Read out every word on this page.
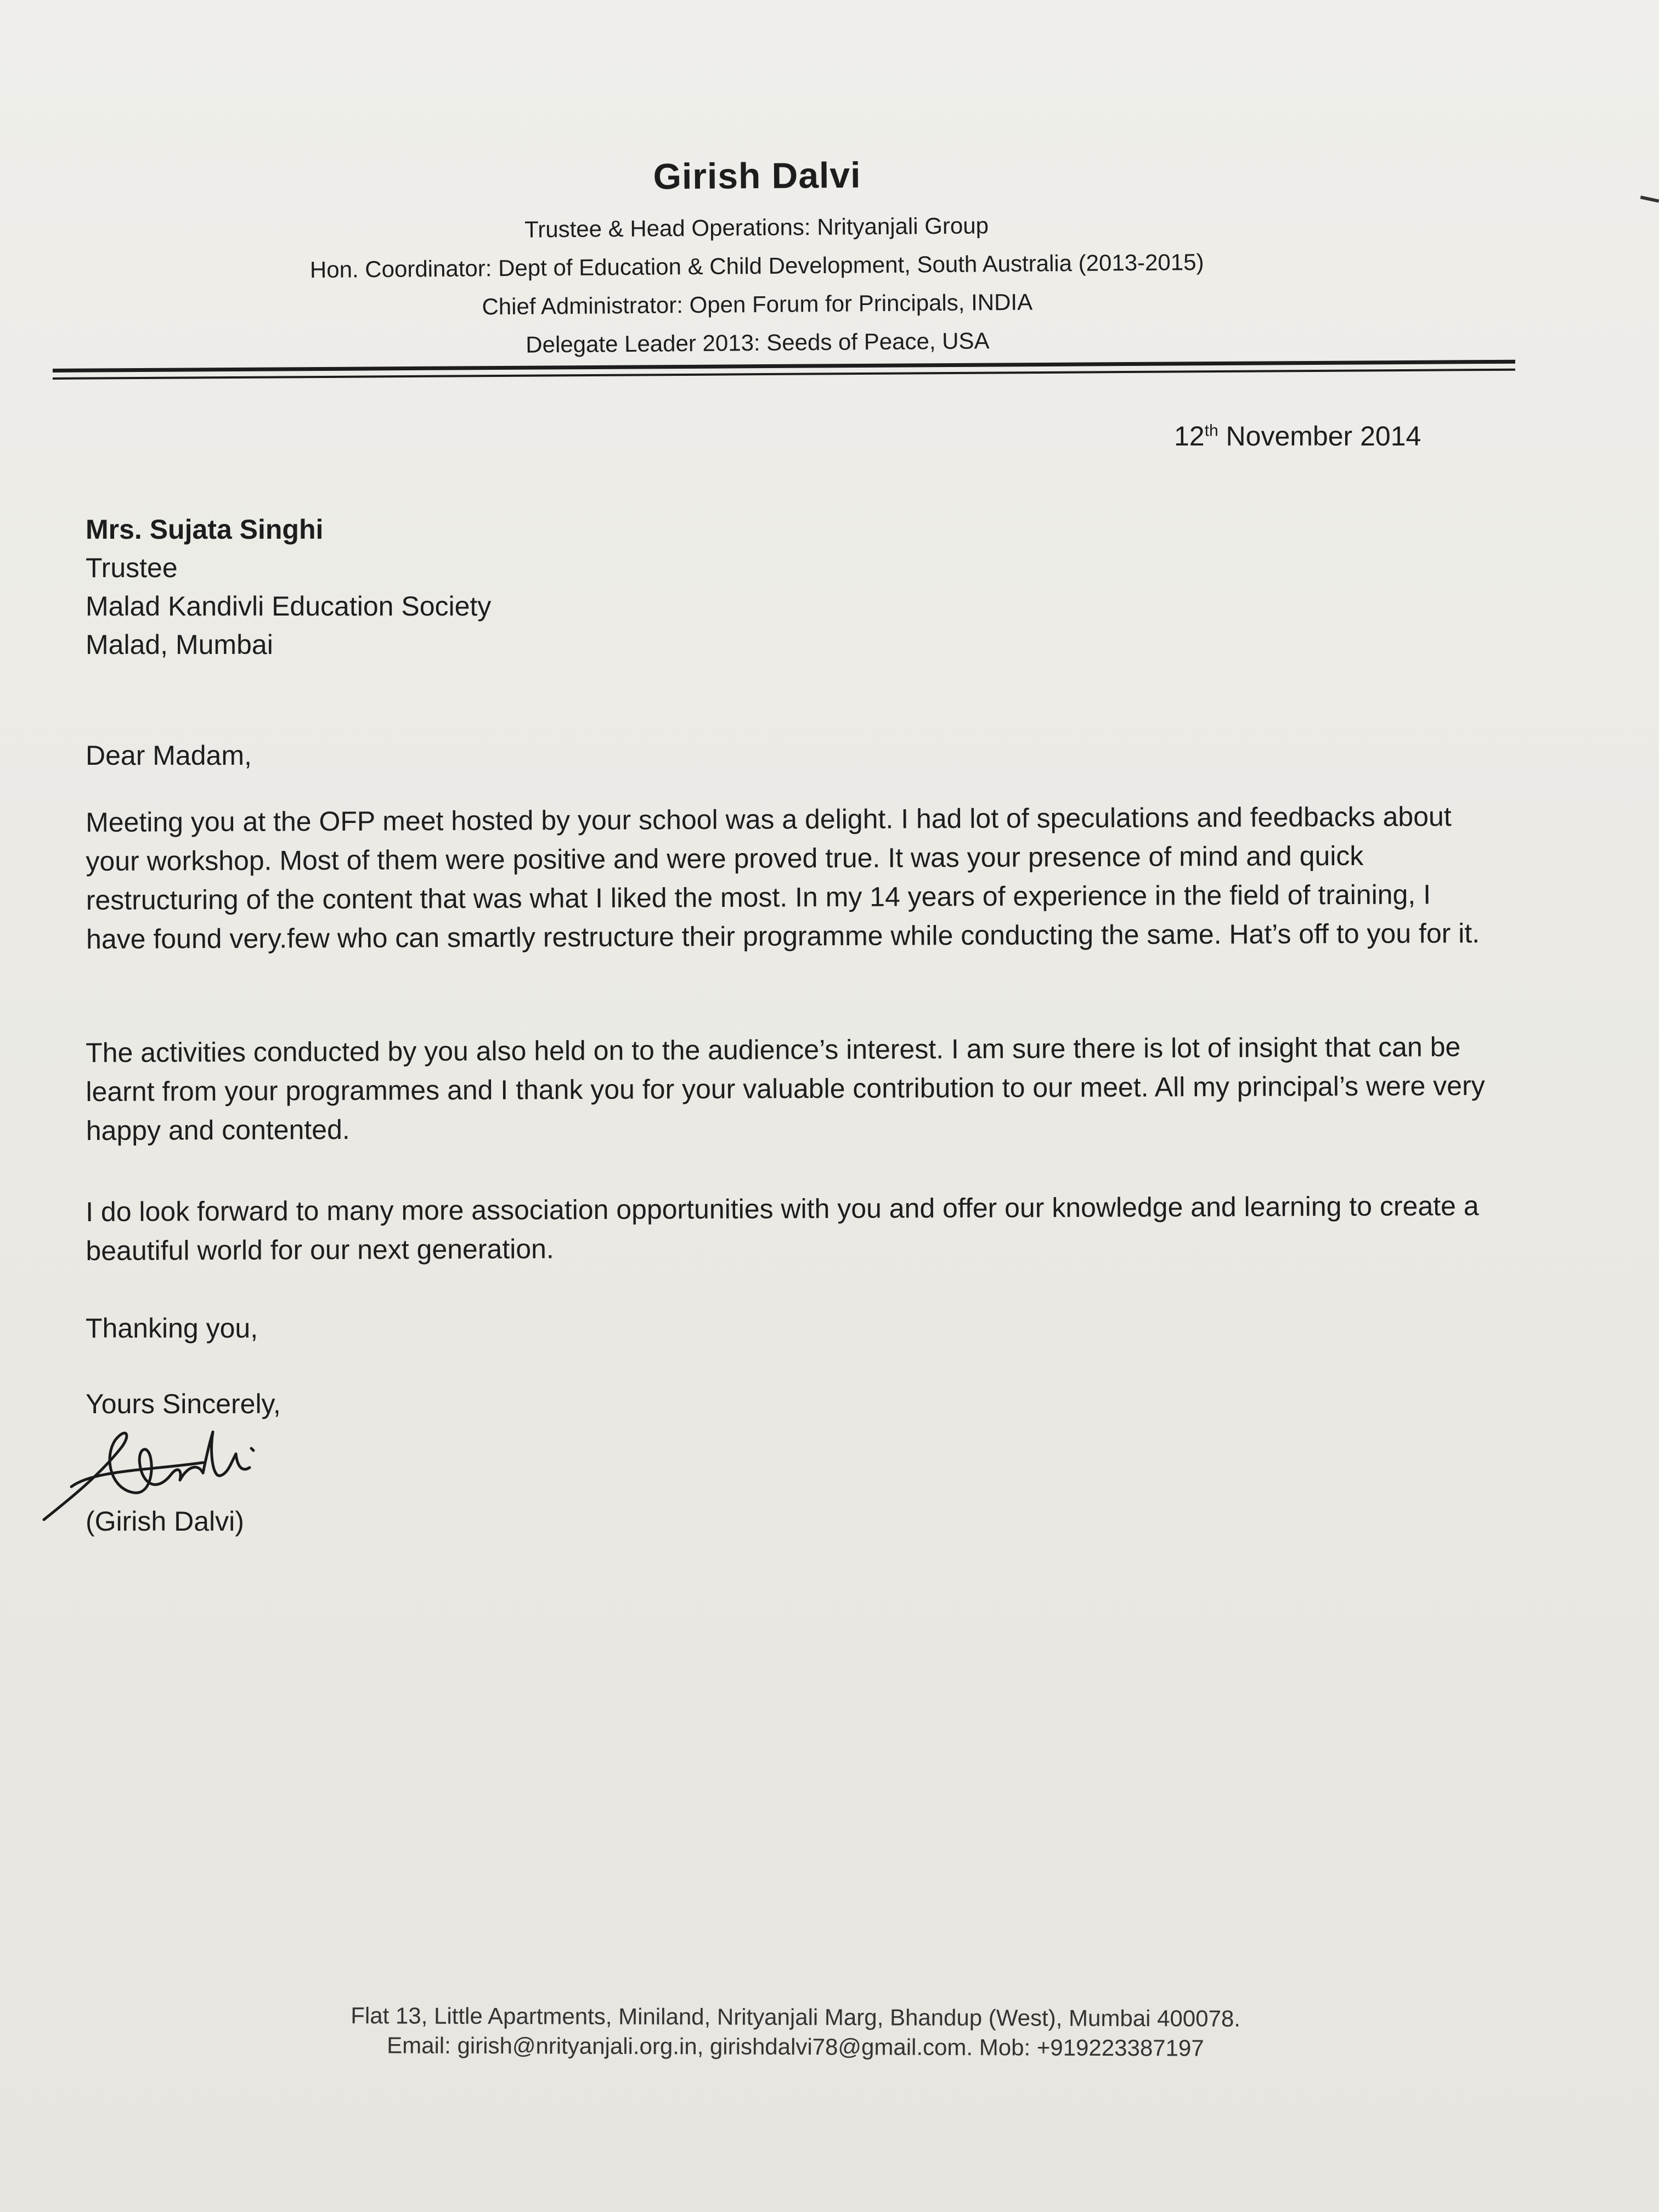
Girish Dalvi
Trustee & Head Operations: Nrityanjali Group
Hon. Coordinator: Dept of Education & Child Development, South Australia (2013-2015)
Chief Administrator: Open Forum for Principals, INDIA
Delegate Leader 2013: Seeds of Peace, USA
12th November 2014
Mrs. Sujata Singhi
Trustee
Malad Kandivli Education Society
Malad, Mumbai
Dear Madam,
Meeting you at the OFP meet hosted by your school was a delight. I had lot of speculations and feedbacks about your workshop. Most of them were positive and were proved true. It was your presence of mind and quick restructuring of the content that was what I liked the most. In my 14 years of experience in the field of training, I have found very.few who can smartly restructure their programme while conducting the same. Hat’s off to you for it.
The activities conducted by you also held on to the audience’s interest. I am sure there is lot of insight that can be learnt from your programmes and I thank you for your valuable contribution to our meet. All my principal’s were very happy and contented.
I do look forward to many more association opportunities with you and offer our knowledge and learning to create a beautiful world for our next generation.
Thanking you,
Yours Sincerely,
(Girish Dalvi)
Flat 13, Little Apartments, Miniland, Nrityanjali Marg, Bhandup (West), Mumbai 400078.
Email: girish@nrityanjali.org.in, girishdalvi78@gmail.com. Mob: +919223387197
